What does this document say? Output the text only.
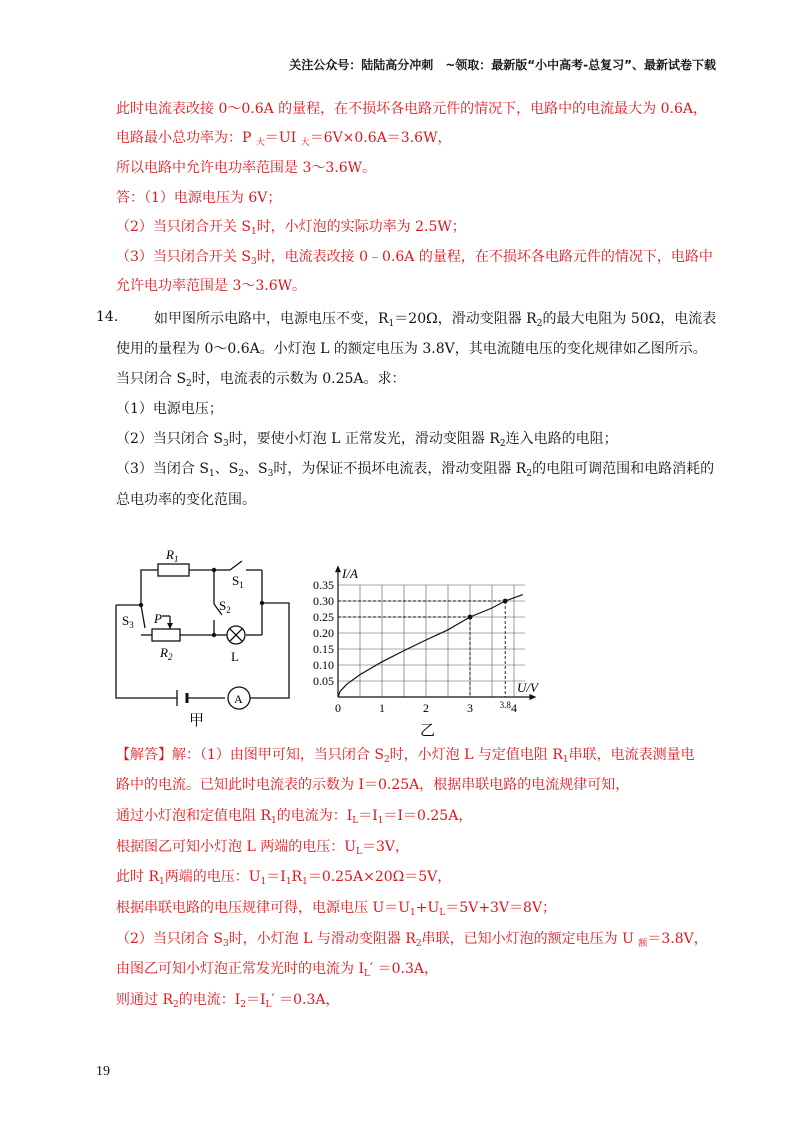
关注公众号：陆陆高分冲刺　~领取：最新版“小中高考-总复习”、最新试卷下载
此时电流表改接 0～0.6A 的量程，在不损坏各电路元件的情况下，电路中的电流最大为 0.6A，
电路最小总功率为：P $_大$＝UI $_大$＝6V×0.6A＝3.6W，
所以电路中允许电功率范围是 3～3.6W。
答：（1）电源电压为 6V；
（2）当只闭合开关 $S_1$时，小灯泡的实际功率为 2.5W；
（3）当只闭合开关 $S_3$时，电流表改接 0﹣0.6A 的量程，在不损坏各电路元件的情况下，电路中
允许电功率范围是 3～3.6W。
14.	如甲图所示电路中，电源电压不变，$R_1=20\Omega$，滑动变阻器 $R_2$的最大电阻为 50Ω，电流表
使用的量程为 0～0.6A。小灯泡 L 的额定电压为 3.8V，其电流随电压的变化规律如乙图所示。
当只闭合 $S_2$时，电流表的示数为 0.25A。求：
（1）电源电压；
（2）当只闭合 $S_3$时，要使小灯泡 L 正常发光，滑动变阻器 $R_2$连入电路的电阻；
（3）当闭合 $S_1$、$S_2$、$S_3$时，为保证不损坏电流表，滑动变阻器 $R_2$的电阻可调范围和电路消耗的
总电功率的变化范围。
$R_1$
$S_1$
$S_2$
$S_3$ P
$R_2$	L
A
甲
0.05
0.10
0.15
0.20
0.25
0.30
0.35
0	1	2	3	3.8 4
I/A
U/V
乙
【解答】解：（1）由图甲可知，当只闭合 $S_2$时，小灯泡 L 与定值电阻 $R_1$串联，电流表测量电
路中的电流。已知此时电流表的示数为 I＝0.25A，根据串联电路的电流规律可知，
通过小灯泡和定值电阻 $R_1$的电流为：$I_L=I_1=I=0.25A$，
根据图乙可知小灯泡 L 两端的电压：$U_L=3V$，
此时 $R_1$两端的电压：$U_1=I_1R_1=0.25A\times 20\Omega=5V$，
根据串联电路的电压规律可得，电源电压 $U=U_1+U_L=5V+3V=8V$；
（2）当只闭合 $S_3$时，小灯泡 L 与滑动变阻器 $R_2$串联，已知小灯泡的额定电压为 U $_额$＝3.8V，
由图乙可知小灯泡正常发光时的电流为 $I_L' =0.3A$，
则通过 $R_2$的电流：$I_2=I_L' =0.3A$，
19
